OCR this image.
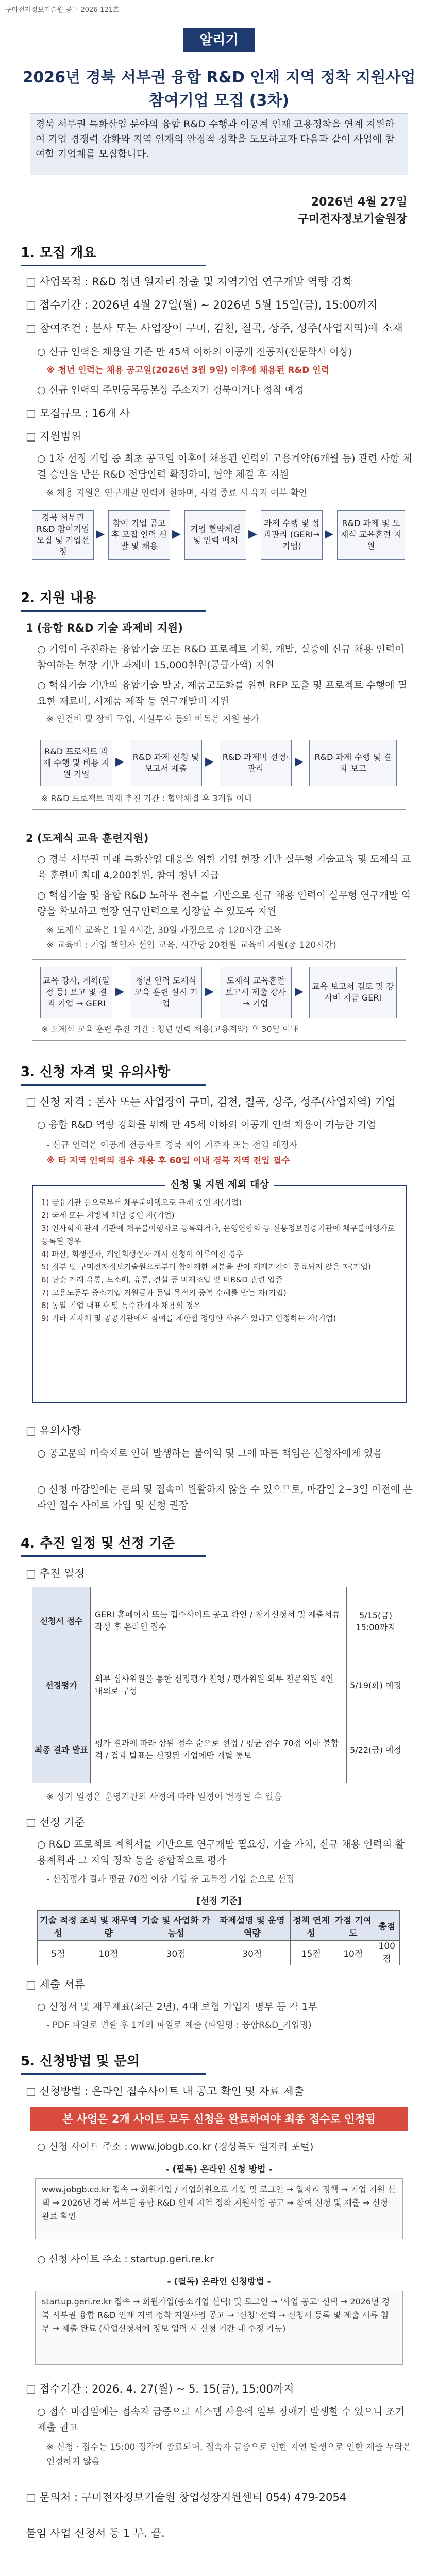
구미전자정보기술원 공고 2026-121호
알리기
2026년 경북 서부권 융합 R&D 인재 지역 정착 지원사업
참여기업 모집 (3차)
경북 서부권 특화산업 분야의 융합 R&D 수행과 이공계 인재 고용정착을 연계 지원하여 기업 경쟁력 강화와 지역 인재의 안정적 정착을 도모하고자 다음과 같이 사업에 참여할 기업체를 모집합니다.
2026년 4월 27일
구미전자정보기술원장
1. 모집 개요
□ 사업목적 : R&D 청년 일자리 창출 및 지역기업 연구개발 역량 강화
□ 접수기간 : 2026년 4월 27일(월) ~ 2026년 5월 15일(금), 15:00까지
□ 참여조건 : 본사 또는 사업장이 구미, 김천, 칠곡, 상주, 성주(사업지역)에 소재
○ 신규 인력은 채용일 기준 만 45세 이하의 이공계 전공자(전문학사 이상)
※ 청년 인력는 채용 공고일(2026년 3월 9일) 이후에 채용된 R&D 인력
○ 신규 인력의 주민등록등본상 주소지가 경북이거나 정착 예정
□ 모집규모 : 16개 사
□ 지원범위
○ 1차 선정 기업 중 최초 공고일 이후에 채용된 인력의 고용계약(6개월 등) 관련 사항 체결 승인을 받은 R&D 전담인력 확정하며, 협약 체결 후 지원
※ 채용 지원은 연구개발 인력에 한하며, 사업 종료 시 유지 여부 확인
경북 서부권 R&D 참여기업 모집 및 기업선정
▶
참여 기업 공고 후 모집 인력 선발 및 채용
▶	기업 협약체결 및 인력 배치 ▶
과제 수행 및 성과관리 (GERI→기업)
▶
R&D 과제 및 도제식 교육훈련 지원
2. 지원 내용
1 (융합 R&D 기술 과제비 지원)
○ 기업이 추진하는 융합기술 또는 R&D 프로젝트 기획, 개발, 실증에 신규 채용 인력이 참여하는 현장 기반 과제비 15,000천원(공급가액) 지원
○ 핵심기술 기반의 융합기술 발굴, 제품고도화를 위한 RFP 도출 및 프로젝트 수행에 필요한 재료비, 시제품 제작 등 연구개발비 지원
※ 인건비 및 장비 구입, 시설투자 등의 비목은 지원 불가
R&D 프로젝트 과제 수행 및 비용 지원 기업
▶	R&D 과제 신청 및 보고서 제출
▶	R&D 과제비 선정·관리
▶	R&D 과제 수행 및 결과 보고
※ R&D 프로젝트 과제 추진 기간 : 협약체결 후 3개월 이내
2 (도제식 교육 훈련지원)
○ 경북 서부권 미래 특화산업 대응을 위한 기업 현장 기반 실무형 기술교육 및 도제식 교육 훈련비 최대 4,200천원, 참여 청년 지급
○ 핵심기술 및 융합 R&D 노하우 전수를 기반으로 신규 채용 인력이 실무형 연구개발 역량을 확보하고 현장 연구인력으로 성장할 수 있도록 지원
※ 도제식 교육은 1일 4시간, 30일 과정으로 총 120시간 교육
※ 교육비 : 기업 책임자 선임 교육, 시간당 20천원 교육비 지원(총 120시간)
교육 강사, 계획(일정 등) 보고 및 결과 기업 → GERI
▶
청년 인력 도제식 교육 훈련 실시 기업
▶
도제식 교육훈련 보고서 제출 강사 → 기업
▶	교육 보고서 검토 및 강사비 지급 GERI
※ 도제식 교육 훈련 추진 기간 : 청년 인력 채용(고용계약) 후 30일 이내
3. 신청 자격 및 유의사항
□ 신청 자격 : 본사 또는 사업장이 구미, 김천, 칠곡, 상주, 성주(사업지역) 기업
○ 융합 R&D 역량 강화를 위해 만 45세 이하의 이공계 인력 채용이 가능한 기업
- 신규 인력은 이공계 전공자로 경북 지역 거주자 또는 전입 예정자
※ 타 지역 인력의 경우 채용 후 60일 이내 경북 지역 전입 필수
신청 및 지원 제외 대상
1) 금융기관 등으로부터 채무불이행으로 규제 중인 자(기업)
2) 국세 또는 지방세 체납 중인 자(기업)
3) 인사회계 관계 기관에 채무불이행자로 등록되거나, 은행연합회 등 신용정보집중기관에 채무불이행자로 등록된 경우
4) 파산, 회생절차, 개인회생절차 개시 신청이 이루어진 경우
5) 정부 및 구미전자정보기술원으로부터 참여제한 처분을 받아 제재기간이 종료되지 않은 자(기업)
6) 단순 거래 유통, 도소매, 유통, 건설 등 비제조업 및 비R&D 관련 업종
7) 고용노동부 중소기업 지원금과 동일 목적의 중복 수혜를 받는 자(기업)
8) 동일 기업 대표자 및 특수관계자 채용의 경우
9) 기타 지자체 및 공공기관에서 참여를 제한할 정당한 사유가 있다고 인정하는 자(기업)
□ 유의사항
○ 공고문의 미숙지로 인해 발생하는 불이익 및 그에 따른 책임은 신청자에게 있음
○ 신청 마감일에는 문의 및 접속이 원활하지 않을 수 있으므로, 마감일 2~3일 이전에 온라인 접수 사이트 가입 및 신청 권장
4. 추진 일정 및 선정 기준
□ 추진 일정
신청서 접수	GERI 홈페이지 또는 접수사이트 공고 확인 / 참가신청서 및 제출서류 작성 후 온라인 접수	5/15(금) 15:00까지
선정평가	외부 심사위원을 통한 선정평가 진행 / 평가위원 외부 전문위원 4인 내외로 구성	5/19(화) 예정
최종 결과 발표	평가 결과에 따라 상위 점수 순으로 선정 / 평균 점수 70점 이하 불합격 / 결과 발표는 선정된 기업에만 개별 통보	5/22(금) 예정
※ 상기 일정은 운영기관의 사정에 따라 일정이 변경될 수 있음
□ 선정 기준
○ R&D 프로젝트 계획서를 기반으로 연구개발 필요성, 기술 가치, 신규 채용 인력의 활용계획과 그 지역 정착 등을 종합적으로 평가
- 선정평가 결과 평균 70점 이상 기업 중 고득점 기업 순으로 선정
[선정 기준]
기술 적정성	조직 및 재무역량	기술 및 사업화 가능성	과제설명 및 운영 역량	정책 연계성	가점 기여도	총점
5점	10점	30점	30점	15점	10점	100점
□ 제출 서류
○ 신청서 및 재무제표(최근 2년), 4대 보험 가입자 명부 등 각 1부
- PDF 파일로 변환 후 1개의 파일로 제출 (파일명 : 융합R&D_기업명)
5. 신청방법 및 문의
□ 신청방법 : 온라인 접수사이트 내 공고 확인 및 자료 제출
본 사업은 2개 사이트 모두 신청을 완료하여야 최종 접수로 인정됨
○ 신청 사이트 주소 : www.jobgb.co.kr (경상북도 일자리 포털)
- (필독) 온라인 신청 방법 -
www.jobgb.co.kr 접속 → 회원가입 / 기업회원으로 가입 및 로그인 → 일자리 정책 → 기업 지원 선택 → 2026년 경북 서부권 융합 R&D 인재 지역 정착 지원사업 공고 → 참여 신청 및 제출 → 신청 완료 확인
○ 신청 사이트 주소 : startup.geri.re.kr
- (필독) 온라인 신청방법 -
startup.geri.re.kr 접속 → 회원가입(중소기업 선택) 및 로그인 → '사업 공고' 선택 → 2026년 경북 서부권 융합 R&D 인재 지역 정착 지원사업 공고 → '신청' 선택 → 신청서 등록 및 제출 서류 첨부 → 제출 완료 (사업신청서에 정보 입력 시 신청 기간 내 수정 가능)
□ 접수기간 : 2026. 4. 27(월) ~ 5. 15(금), 15:00까지
○ 접수 마감일에는 접속자 급증으로 시스템 사용에 일부 장애가 발생할 수 있으니 조기 제출 권고
※ 신청 · 접수는 15:00 정각에 종료되며, 접속자 급증으로 인한 지연 발생으로 인한 제출 누락은 인정하지 않음
□ 문의처 : 구미전자정보기술원 창업성장지원센터 054) 479-2054
붙임 사업 신청서 등 1 부. 끝.
